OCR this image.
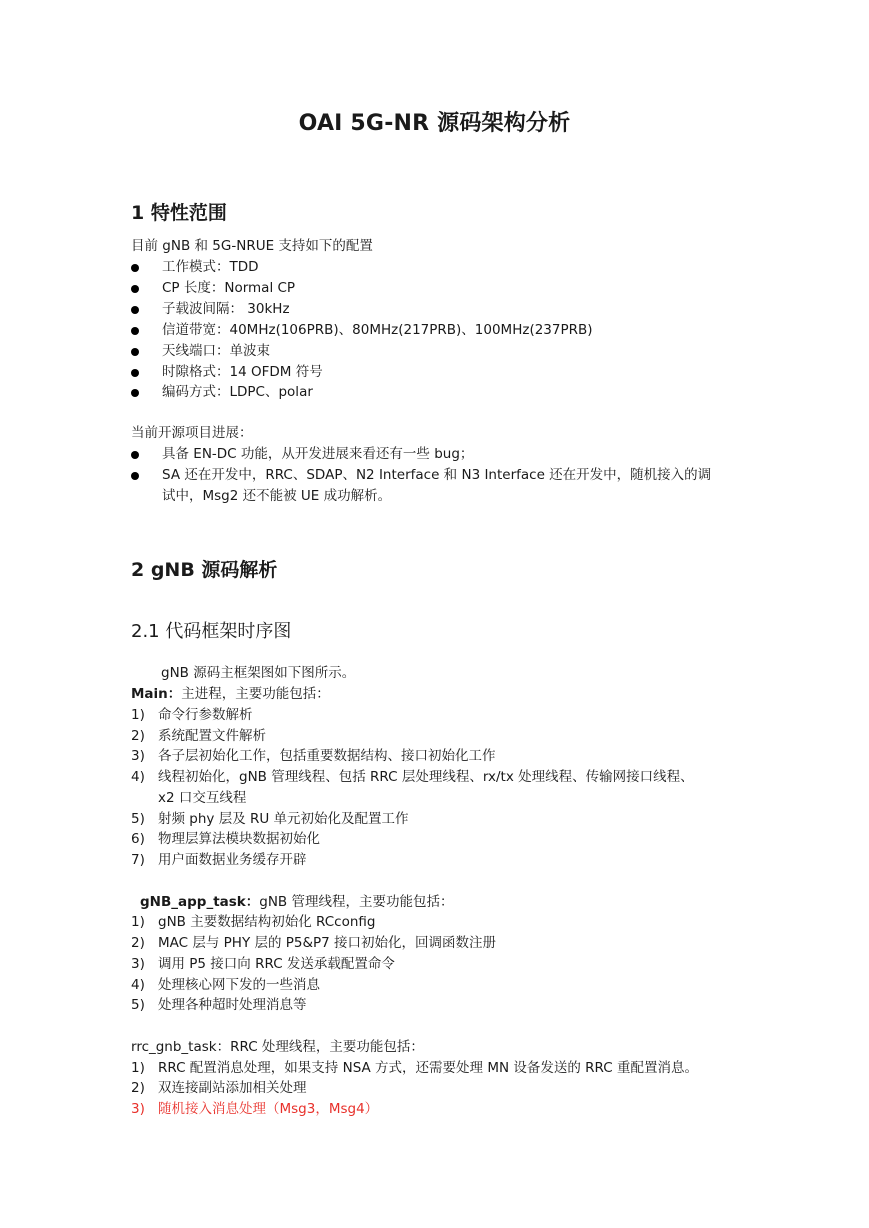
OAI 5G-NR 源码架构分析
1 特性范围
目前 gNB 和 5G-NRUE 支持如下的配置
工作模式：TDD
CP 长度：Normal CP
子载波间隔： 30kHz
信道带宽：40MHz(106PRB)、80MHz(217PRB)、100MHz(237PRB)
天线端口：单波束
时隙格式：14 OFDM 符号
编码方式：LDPC、polar
当前开源项目进展：
具备 EN-DC 功能，从开发进展来看还有一些 bug；
SA 还在开发中，RRC、SDAP、N2 Interface 和 N3 Interface 还在开发中，随机接入的调
试中，Msg2 还不能被 UE 成功解析。
2 gNB 源码解析
2.1 代码框架时序图
gNB 源码主框架图如下图所示。
Main：主进程，主要功能包括：
1) 命令行参数解析
2) 系统配置文件解析
3) 各子层初始化工作，包括重要数据结构、接口初始化工作
4) 线程初始化，gNB 管理线程、包括 RRC 层处理线程、rx/tx 处理线程、传输网接口线程、
x2 口交互线程
5) 射频 phy 层及 RU 单元初始化及配置工作
6) 物理层算法模块数据初始化
7) 用户面数据业务缓存开辟
gNB_app_task：gNB 管理线程，主要功能包括：
1) gNB 主要数据结构初始化 RCconfig
2) MAC 层与 PHY 层的 P5&P7 接口初始化，回调函数注册
3) 调用 P5 接口向 RRC 发送承载配置命令
4) 处理核心网下发的一些消息
5) 处理各种超时处理消息等
rrc_gnb_task：RRC 处理线程，主要功能包括：
1) RRC 配置消息处理，如果支持 NSA 方式，还需要处理 MN 设备发送的 RRC 重配置消息。
2) 双连接副站添加相关处理
3) 随机接入消息处理（Msg3，Msg4）
